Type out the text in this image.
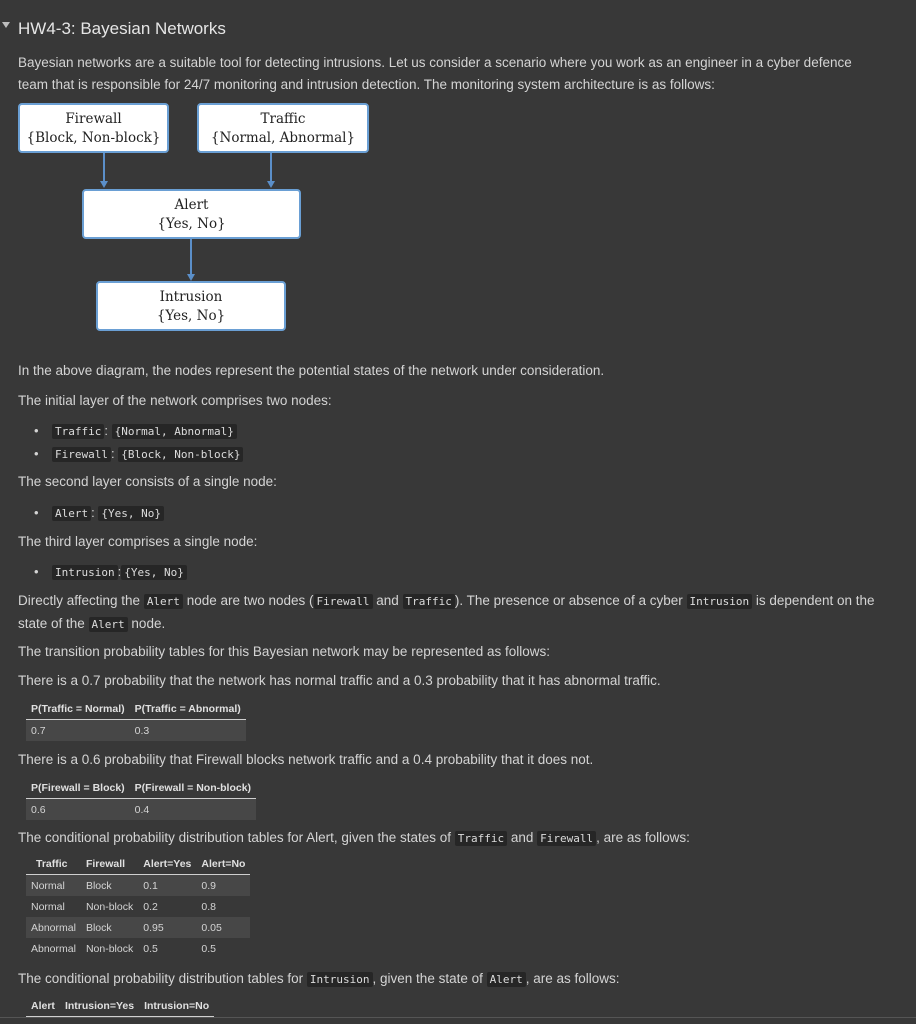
HW4-3: Bayesian Networks
Bayesian networks are a suitable tool for detecting intrusions. Let us consider a scenario where you work as an engineer in a cyber defence
team that is responsible for 24/7 monitoring and intrusion detection. The monitoring system architecture is as follows:
Firewall
{Block, Non-block}
Traffic
{Normal, Abnormal}
Alert
{Yes, No}
Intrusion
{Yes, No}
In the above diagram, the nodes represent the potential states of the network under consideration.
The initial layer of the network comprises two nodes:
• Traffic : {Normal, Abnormal}
• Firewall : {Block, Non-block}
The second layer consists of a single node:
• Alert : {Yes, No}
The third layer comprises a single node:
• Intrusion : {Yes, No}
Directly affecting the Alert node are two nodes ( Firewall and Traffic ). The presence or absence of a cyber Intrusion is dependent on the
state of the Alert node.
The transition probability tables for this Bayesian network may be represented as follows:
There is a 0.7 probability that the network has normal traffic and a 0.3 probability that it has abnormal traffic.
P(Traffic = Normal)	P(Traffic = Abnormal)
0.7	0.3
There is a 0.6 probability that Firewall blocks network traffic and a 0.4 probability that it does not.
P(Firewall = Block)	P(Firewall = Non-block)
0.6	0.4
The conditional probability distribution tables for Alert, given the states of Traffic and Firewall , are as follows:
Traffic	Firewall	Alert=Yes	Alert=No
Normal	Block	0.1	0.9
Normal	Non-block	0.2	0.8
Abnormal	Block	0.95	0.05
Abnormal	Non-block	0.5	0.5
The conditional probability distribution tables for Intrusion , given the state of Alert , are as follows:
Alert	Intrusion=Yes	Intrusion=No
